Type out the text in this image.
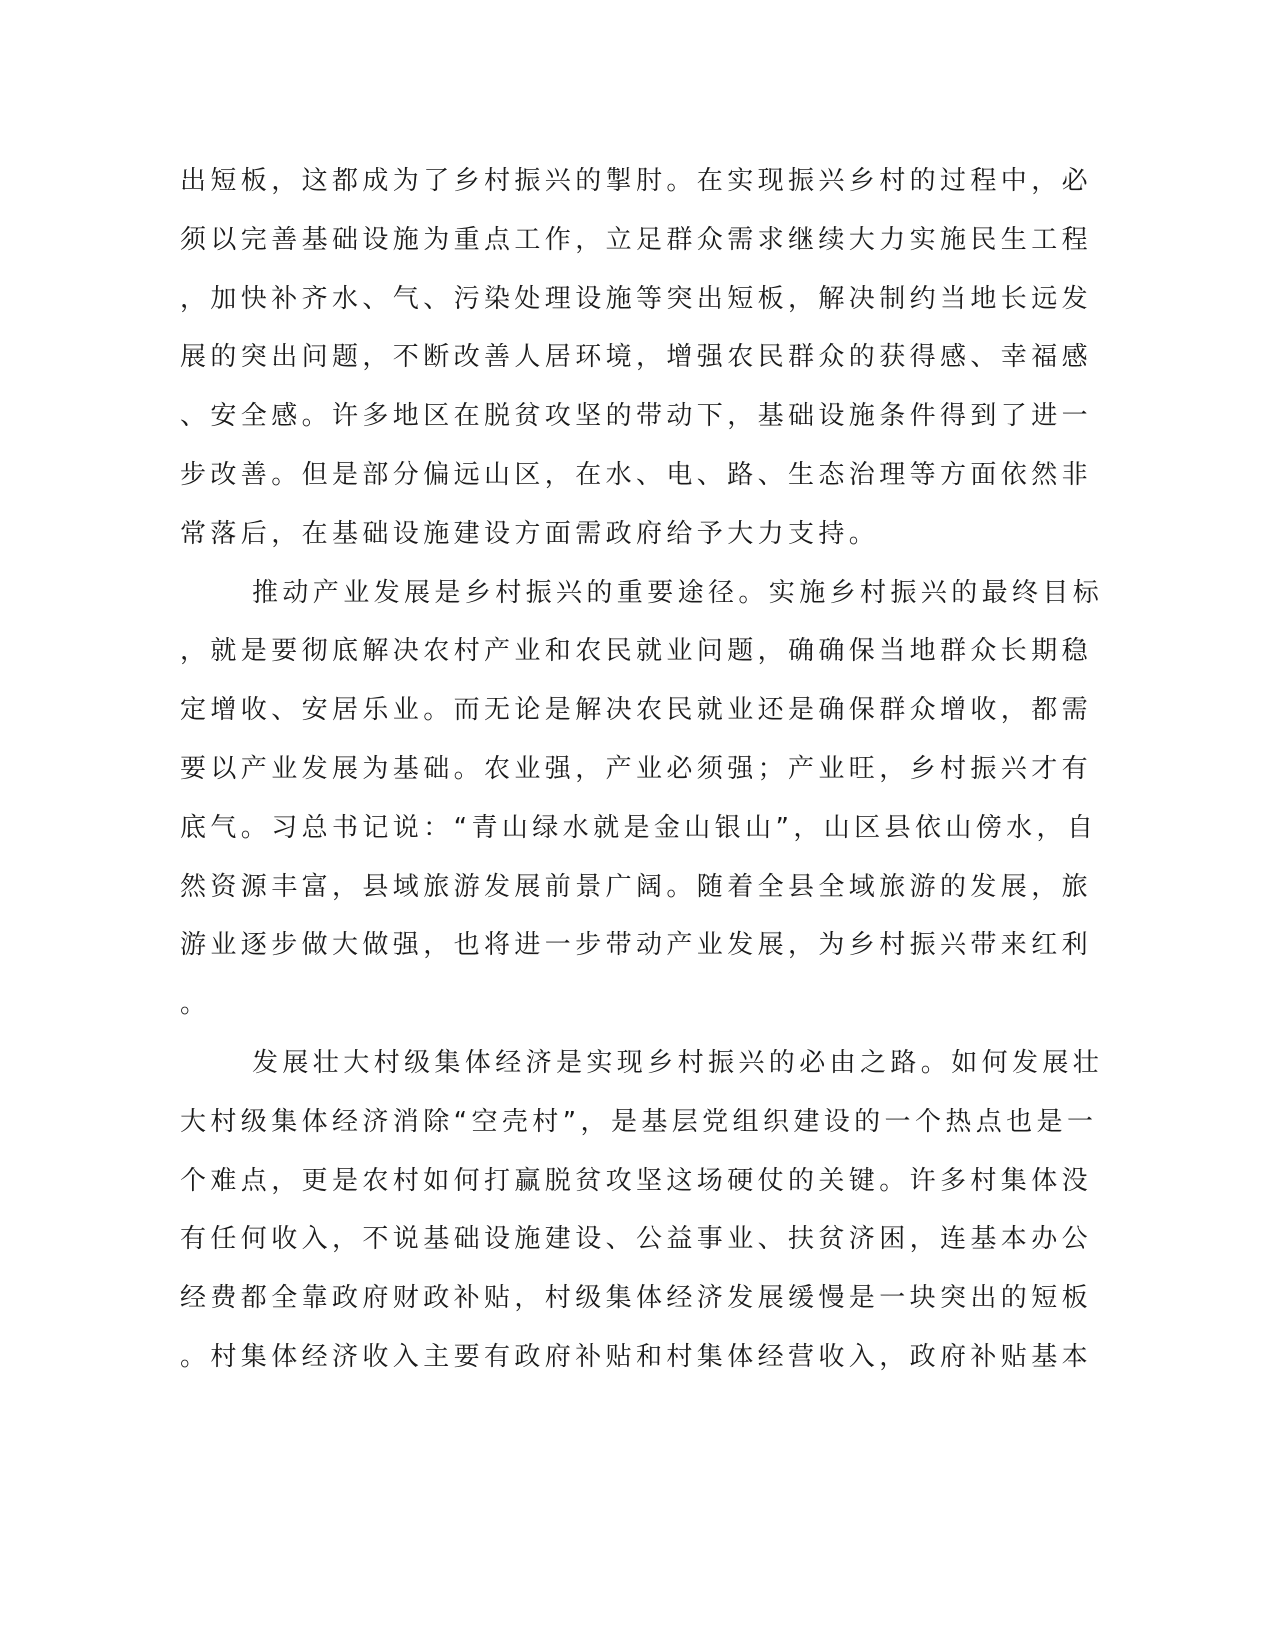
出短板，这都成为了乡村振兴的掣肘。在实现振兴乡村的过程中，必
须以完善基础设施为重点工作，立足群众需求继续大力实施民生工程
，加快补齐水、气、污染处理设施等突出短板，解决制约当地长远发
展的突出问题，不断改善人居环境，增强农民群众的获得感、幸福感
、安全感。许多地区在脱贫攻坚的带动下，基础设施条件得到了进一
步改善。但是部分偏远山区，在水、电、路、生态治理等方面依然非
常落后，在基础设施建设方面需政府给予大力支持。
推动产业发展是乡村振兴的重要途径。实施乡村振兴的最终目标
，就是要彻底解决农村产业和农民就业问题，确确保当地群众长期稳
定增收、安居乐业。而无论是解决农民就业还是确保群众增收，都需
要以产业发展为基础。农业强，产业必须强；产业旺，乡村振兴才有
底气。习总书记说：“青山绿水就是金山银山”，山区县依山傍水，自
然资源丰富，县域旅游发展前景广阔。随着全县全域旅游的发展，旅
游业逐步做大做强，也将进一步带动产业发展，为乡村振兴带来红利
。
发展壮大村级集体经济是实现乡村振兴的必由之路。如何发展壮
大村级集体经济消除“空壳村”，是基层党组织建设的一个热点也是一
个难点，更是农村如何打赢脱贫攻坚这场硬仗的关键。许多村集体没
有任何收入，不说基础设施建设、公益事业、扶贫济困，连基本办公
经费都全靠政府财政补贴，村级集体经济发展缓慢是一块突出的短板
。村集体经济收入主要有政府补贴和村集体经营收入，政府补贴基本
